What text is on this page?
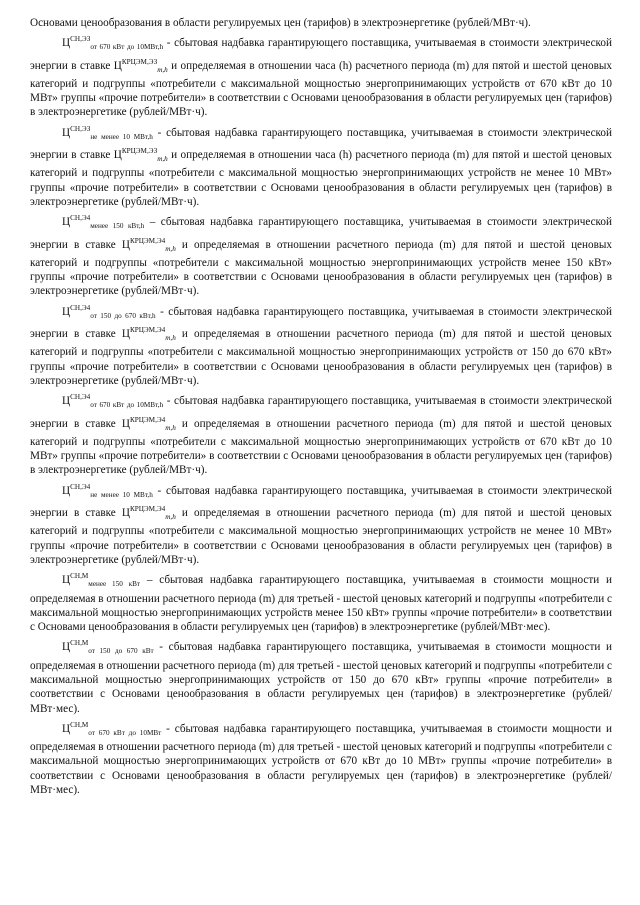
Основами ценообразования в области регулируемых цен (тарифов) в электроэнергетике (рублей/МВт·ч).

$Ц^{СН,ЭЗ}_{от 670 кВт до 10МВт,h}$ - сбытовая надбавка гарантирующего поставщика, учитываемая в стоимости электрической энергии в ставке $Ц^{КРЦЭМ,ЭЗ}_{m,h}$ и определяемая в отношении часа (h) расчетного периода (m) для пятой и шестой ценовых категорий и подгруппы «потребители с максимальной мощностью энергопринимающих устройств от 670 кВт до 10 МВт» группы «прочие потребители» в соответствии с Основами ценообразования в области регулируемых цен (тарифов) в электроэнергетике (рублей/МВт·ч).

$Ц^{СН,ЭЗ}_{не менее 10 МВт,h}$ - сбытовая надбавка гарантирующего поставщика, учитываемая в стоимости электрической энергии в ставке $Ц^{КРЦЭМ,ЭЗ}_{m,h}$ и определяемая в отношении часа (h) расчетного периода (m) для пятой и шестой ценовых категорий и подгруппы «потребители с максимальной мощностью энергопринимающих устройств не менее 10 МВт» группы «прочие потребители» в соответствии с Основами ценообразования в области регулируемых цен (тарифов) в электроэнергетике (рублей/МВт·ч).

$Ц^{СН,Э4}_{менее 150 кВт,h}$ – сбытовая надбавка гарантирующего поставщика, учитываемая в стоимости электрической энергии в ставке $Ц^{КРЦЭМ,Э4}_{m,h}$ и определяемая в отношении расчетного периода (m) для пятой и шестой ценовых категорий и подгруппы «потребители с максимальной мощностью энергопринимающих устройств менее 150 кВт» группы «прочие потребители» в соответствии с Основами ценообразования в области регулируемых цен (тарифов) в электроэнергетике (рублей/МВт·ч).

$Ц^{СН,Э4}_{от 150 до 670 кВт,h}$ - сбытовая надбавка гарантирующего поставщика, учитываемая в стоимости электрической энергии в ставке $Ц^{КРЦЭМ,Э4}_{m,h}$ и определяемая в отношении расчетного периода (m) для пятой и шестой ценовых категорий и подгруппы «потребители с максимальной мощностью энергопринимающих устройств от 150 до 670 кВт» группы «прочие потребители» в соответствии с Основами ценообразования в области регулируемых цен (тарифов) в электроэнергетике (рублей/МВт·ч).

$Ц^{СН,Э4}_{от 670 кВт до 10МВт,h}$ - сбытовая надбавка гарантирующего поставщика, учитываемая в стоимости электрической энергии в ставке $Ц^{КРЦЭМ,Э4}_{m,h}$ и определяемая в отношении расчетного периода (m) для пятой и шестой ценовых категорий и подгруппы «потребители с максимальной мощностью энергопринимающих устройств от 670 кВт до 10 МВт» группы «прочие потребители» в соответствии с Основами ценообразования в области регулируемых цен (тарифов) в электроэнергетике (рублей/МВт·ч).

$Ц^{СН,Э4}_{не менее 10 МВт,h}$ - сбытовая надбавка гарантирующего поставщика, учитываемая в стоимости электрической энергии в ставке $Ц^{КРЦЭМ,Э4}_{m,h}$ и определяемая в отношении расчетного периода (m) для пятой и шестой ценовых категорий и подгруппы «потребители с максимальной мощностью энергопринимающих устройств не менее 10 МВт» группы «прочие потребители» в соответствии с Основами ценообразования в области регулируемых цен (тарифов) в электроэнергетике (рублей/МВт·ч).

$Ц^{СН,М}_{менее 150 кВт}$ – сбытовая надбавка гарантирующего поставщика, учитываемая в стоимости мощности и определяемая в отношении расчетного периода (m) для третьей - шестой ценовых категорий и подгруппы «потребители с максимальной мощностью энергопринимающих устройств менее 150 кВт» группы «прочие потребители» в соответствии с Основами ценообразования в области регулируемых цен (тарифов) в электроэнергетике (рублей/МВт·мес).

$Ц^{СН,М}_{от 150 до 670 кВт}$ - сбытовая надбавка гарантирующего поставщика, учитываемая в стоимости мощности и определяемая в отношении расчетного периода (m) для третьей - шестой ценовых категорий и подгруппы «потребители с максимальной мощностью энергопринимающих устройств от 150 до 670 кВт» группы «прочие потребители» в соответствии с Основами ценообразования в области регулируемых цен (тарифов) в электроэнергетике (рублей/МВт·мес).

$Ц^{СН,М}_{от 670 кВт до 10МВт}$ - сбытовая надбавка гарантирующего поставщика, учитываемая в стоимости мощности и определяемая в отношении расчетного периода (m) для третьей - шестой ценовых категорий и подгруппы «потребители с максимальной мощностью энергопринимающих устройств от 670 кВт до 10 МВт» группы «прочие потребители» в соответствии с Основами ценообразования в области регулируемых цен (тарифов) в электроэнергетике (рублей/МВт·мес).
